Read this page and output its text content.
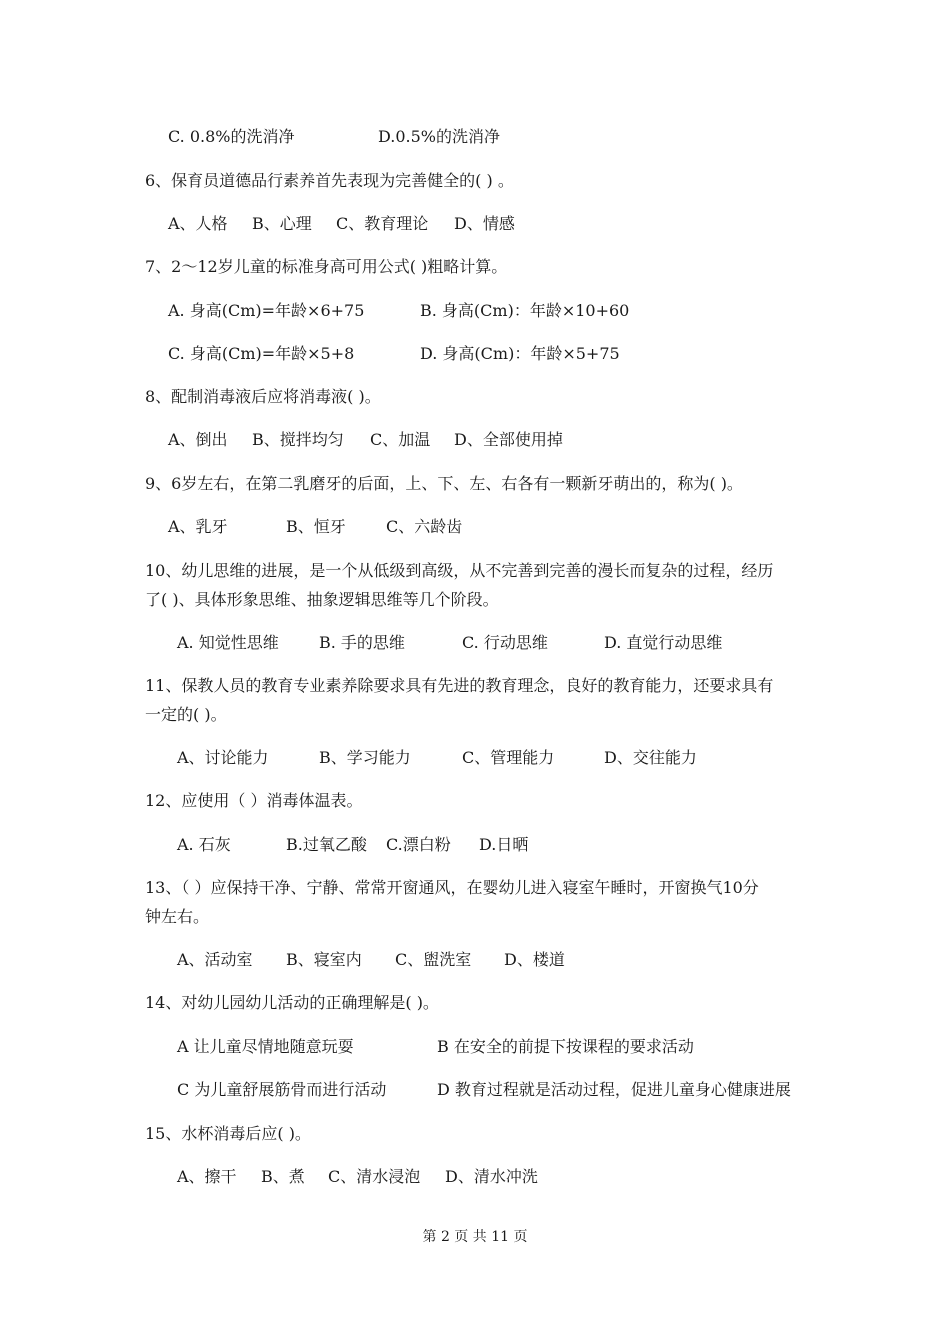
C. 0.8%的洗消净	D.0.5%的洗消净
6、保育员道德品行素养首先表现为完善健全的( ) 。
A、人格 B、心理 C、教育理论 D、情感
7、2～12岁儿童的标准身高可用公式( )粗略计算。
A. 身高(Cm)=年龄×6+75	B. 身高(Cm)：年龄×10+60
C. 身高(Cm)=年龄×5+8	D. 身高(Cm)：年龄×5+75
8、配制消毒液后应将消毒液( )。
A、倒出 B、搅拌均匀 C、加温 D、全部使用掉
9、6岁左右，在第二乳磨牙的后面，上、下、左、右各有一颗新牙萌出的，称为( )。
A、乳牙	B、恒牙	C、六龄齿
10、幼儿思维的进展，是一个从低级到高级，从不完善到完善的漫长而复杂的过程，经历
了( )、具体形象思维、抽象逻辑思维等几个阶段。
A. 知觉性思维	B. 手的思维	C. 行动思维	D. 直觉行动思维
11、保教人员的教育专业素养除要求具有先进的教育理念，良好的教育能力，还要求具有
一定的( )。
A、讨论能力	B、学习能力	C、管理能力	D、交往能力
12、应使用（ ）消毒体温表。
A. 石灰	B.过氧乙酸 C.漂白粉 D.日晒
13、（ ）应保持干净、宁静、常常开窗通风，在婴幼儿进入寝室午睡时，开窗换气10分
钟左右。
A、活动室 B、寝室内 C、盥洗室 D、楼道
14、对幼儿园幼儿活动的正确理解是( )。
A 让儿童尽情地随意玩耍	B 在安全的前提下按课程的要求活动
C 为儿童舒展筋骨而进行活动	D 教育过程就是活动过程，促进儿童身心健康进展
15、水杯消毒后应( )。
A、擦干 B、煮 C、清水浸泡 D、清水冲洗
第 2 页 共 11 页
